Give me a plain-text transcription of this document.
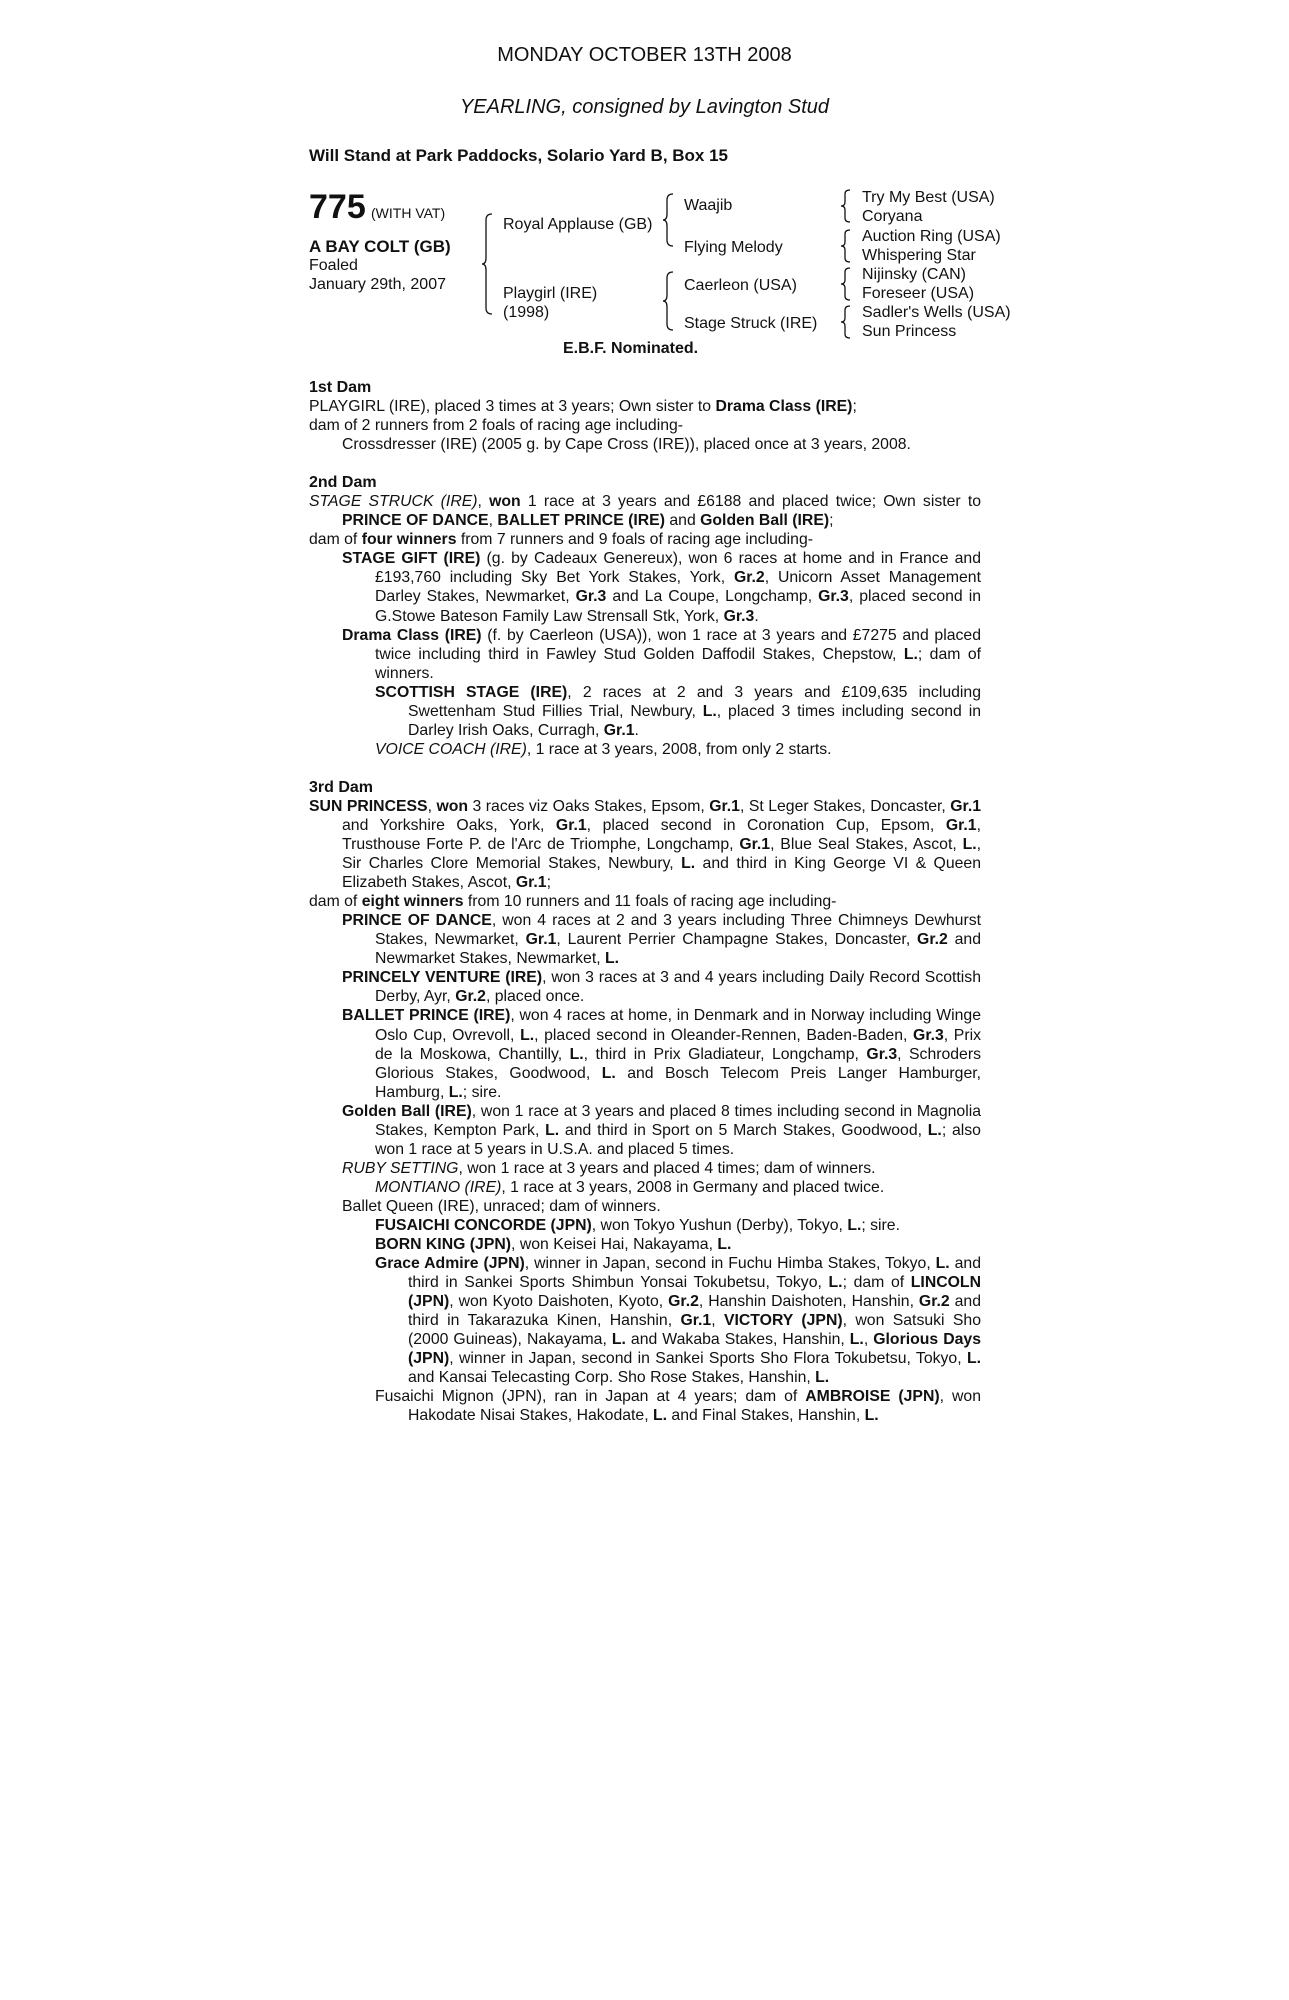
MONDAY OCTOBER 13TH 2008
YEARLING, consigned by Lavington Stud
Will Stand at Park Paddocks, Solario Yard B, Box 15
775 (WITH VAT)
A BAY COLT (GB)
Foaled
January 29th, 2007
Royal Applause (GB)
Playgirl (IRE)
(1998)
Waajib
Flying Melody
Caerleon (USA)
Stage Struck (IRE)
Try My Best (USA)
Coryana
Auction Ring (USA)
Whispering Star
Nijinsky (CAN)
Foreseer (USA)
Sadler's Wells (USA)
Sun Princess
E.B.F. Nominated.
1st Dam

PLAYGIRL (IRE), placed 3 times at 3 years; Own sister to Drama Class (IRE);

dam of 2 runners from 2 foals of racing age including-

Crossdresser (IRE) (2005 g. by Cape Cross (IRE)), placed once at 3 years, 2008.

2nd Dam

STAGE STRUCK (IRE), won 1 race at 3 years and £6188 and placed twice; Own sister to PRINCE OF DANCE, BALLET PRINCE (IRE) and Golden Ball (IRE);

dam of four winners from 7 runners and 9 foals of racing age including-

STAGE GIFT (IRE) (g. by Cadeaux Genereux), won 6 races at home and in France and £193,760 including Sky Bet York Stakes, York, Gr.2, Unicorn Asset Management Darley Stakes, Newmarket, Gr.3 and La Coupe, Longchamp, Gr.3, placed second in G.Stowe Bateson Family Law Strensall Stk, York, Gr.3.

Drama Class (IRE) (f. by Caerleon (USA)), won 1 race at 3 years and £7275 and placed twice including third in Fawley Stud Golden Daffodil Stakes, Chepstow, L.; dam of winners.

SCOTTISH STAGE (IRE), 2 races at 2 and 3 years and £109,635 including Swettenham Stud Fillies Trial, Newbury, L., placed 3 times including second in Darley Irish Oaks, Curragh, Gr.1.

VOICE COACH (IRE), 1 race at 3 years, 2008, from only 2 starts.

3rd Dam

SUN PRINCESS, won 3 races viz Oaks Stakes, Epsom, Gr.1, St Leger Stakes, Doncaster, Gr.1 and Yorkshire Oaks, York, Gr.1, placed second in Coronation Cup, Epsom, Gr.1, Trusthouse Forte P. de l'Arc de Triomphe, Longchamp, Gr.1, Blue Seal Stakes, Ascot, L., Sir Charles Clore Memorial Stakes, Newbury, L. and third in King George VI & Queen Elizabeth Stakes, Ascot, Gr.1;

dam of eight winners from 10 runners and 11 foals of racing age including-

PRINCE OF DANCE, won 4 races at 2 and 3 years including Three Chimneys Dewhurst Stakes, Newmarket, Gr.1, Laurent Perrier Champagne Stakes, Doncaster, Gr.2 and Newmarket Stakes, Newmarket, L.

PRINCELY VENTURE (IRE), won 3 races at 3 and 4 years including Daily Record Scottish Derby, Ayr, Gr.2, placed once.

BALLET PRINCE (IRE), won 4 races at home, in Denmark and in Norway including Winge Oslo Cup, Ovrevoll, L., placed second in Oleander-Rennen, Baden-Baden, Gr.3, Prix de la Moskowa, Chantilly, L., third in Prix Gladiateur, Longchamp, Gr.3, Schroders Glorious Stakes, Goodwood, L. and Bosch Telecom Preis Langer Hamburger, Hamburg, L.; sire.

Golden Ball (IRE), won 1 race at 3 years and placed 8 times including second in Magnolia Stakes, Kempton Park, L. and third in Sport on 5 March Stakes, Goodwood, L.; also won 1 race at 5 years in U.S.A. and placed 5 times.

RUBY SETTING, won 1 race at 3 years and placed 4 times; dam of winners.

MONTIANO (IRE), 1 race at 3 years, 2008 in Germany and placed twice.

Ballet Queen (IRE), unraced; dam of winners.

FUSAICHI CONCORDE (JPN), won Tokyo Yushun (Derby), Tokyo, L.; sire.

BORN KING (JPN), won Keisei Hai, Nakayama, L.

Grace Admire (JPN), winner in Japan, second in Fuchu Himba Stakes, Tokyo, L. and third in Sankei Sports Shimbun Yonsai Tokubetsu, Tokyo, L.; dam of LINCOLN (JPN), won Kyoto Daishoten, Kyoto, Gr.2, Hanshin Daishoten, Hanshin, Gr.2 and third in Takarazuka Kinen, Hanshin, Gr.1, VICTORY (JPN), won Satsuki Sho (2000 Guineas), Nakayama, L. and Wakaba Stakes, Hanshin, L., Glorious Days (JPN), winner in Japan, second in Sankei Sports Sho Flora Tokubetsu, Tokyo, L. and Kansai Telecasting Corp. Sho Rose Stakes, Hanshin, L.

Fusaichi Mignon (JPN), ran in Japan at 4 years; dam of AMBROISE (JPN), won Hakodate Nisai Stakes, Hakodate, L. and Final Stakes, Hanshin, L.
